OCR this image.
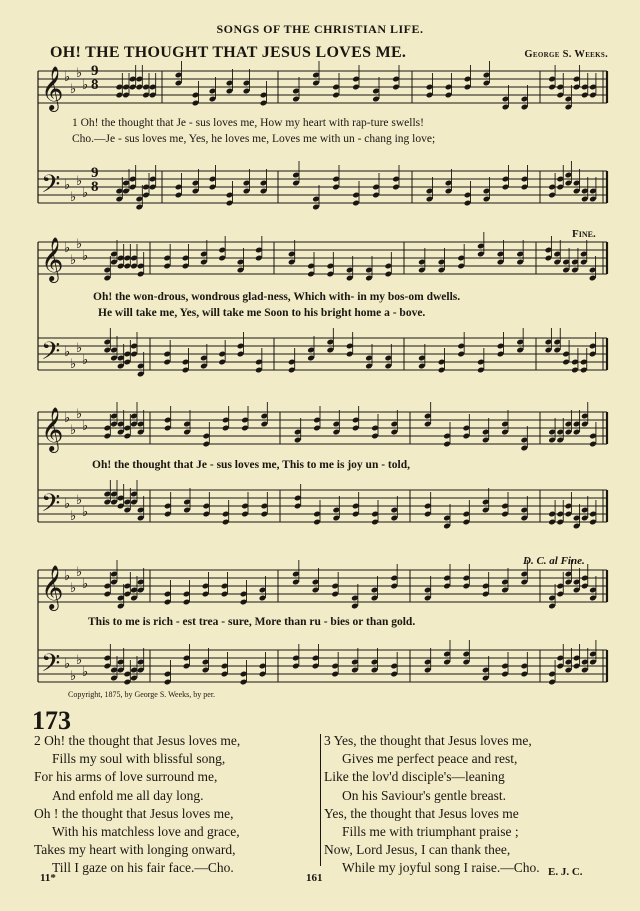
𝄞 ♭
♭
♭
♭
𝄢 ♭
♭
♭
♭
𝄞 ♭
♭
♭
♭
𝄢 ♭
♭
♭
♭
𝄞 ♭
♭
♭
♭
𝄢 ♭
♭
♭
♭
𝄞 ♭
♭
♭
♭
𝄢 ♭
♭
♭
♭
SONGS OF THE CHRISTIAN LIFE.
OH! THE THOUGHT THAT JESUS LOVES ME.	George S. Weeks.
9
8
9
8
1 Oh! the thought that Je - sus loves me, How my heart with rap-ture swells!
Cho.—Je - sus loves me, Yes, he loves me, Loves me with un - chang ing love;
Oh! the won-drous, wondrous glad-ness, Which with- in my bos-om dwells.
He will take me, Yes, will take me Soon to his bright home a - bove.
Oh! the thought that Je - sus loves me, This to me is joy un - told,
This to me is rich - est trea - sure, More than ru - bies or than gold.
Fine.
D. C. al Fine.
Copyright, 1875, by George S. Weeks, by per.
173
2 Oh! the thought that Jesus loves me,
Fills my soul with blissful song,
For his arms of love surround me,
And enfold me all day long.
Oh ! the thought that Jesus loves me,
With his matchless love and grace,
Takes my heart with longing onward,
Till I gaze on his fair face.—Cho.
3 Yes, the thought that Jesus loves me,
Gives me perfect peace and rest,
Like the lov'd disciple's—leaning
On his Saviour's gentle breast.
Yes, the thought that Jesus loves me
Fills me with triumphant praise ;
Now, Lord Jesus, I can thank thee,
While my joyful song I raise.—Cho.
11*	161	E. J. C.
